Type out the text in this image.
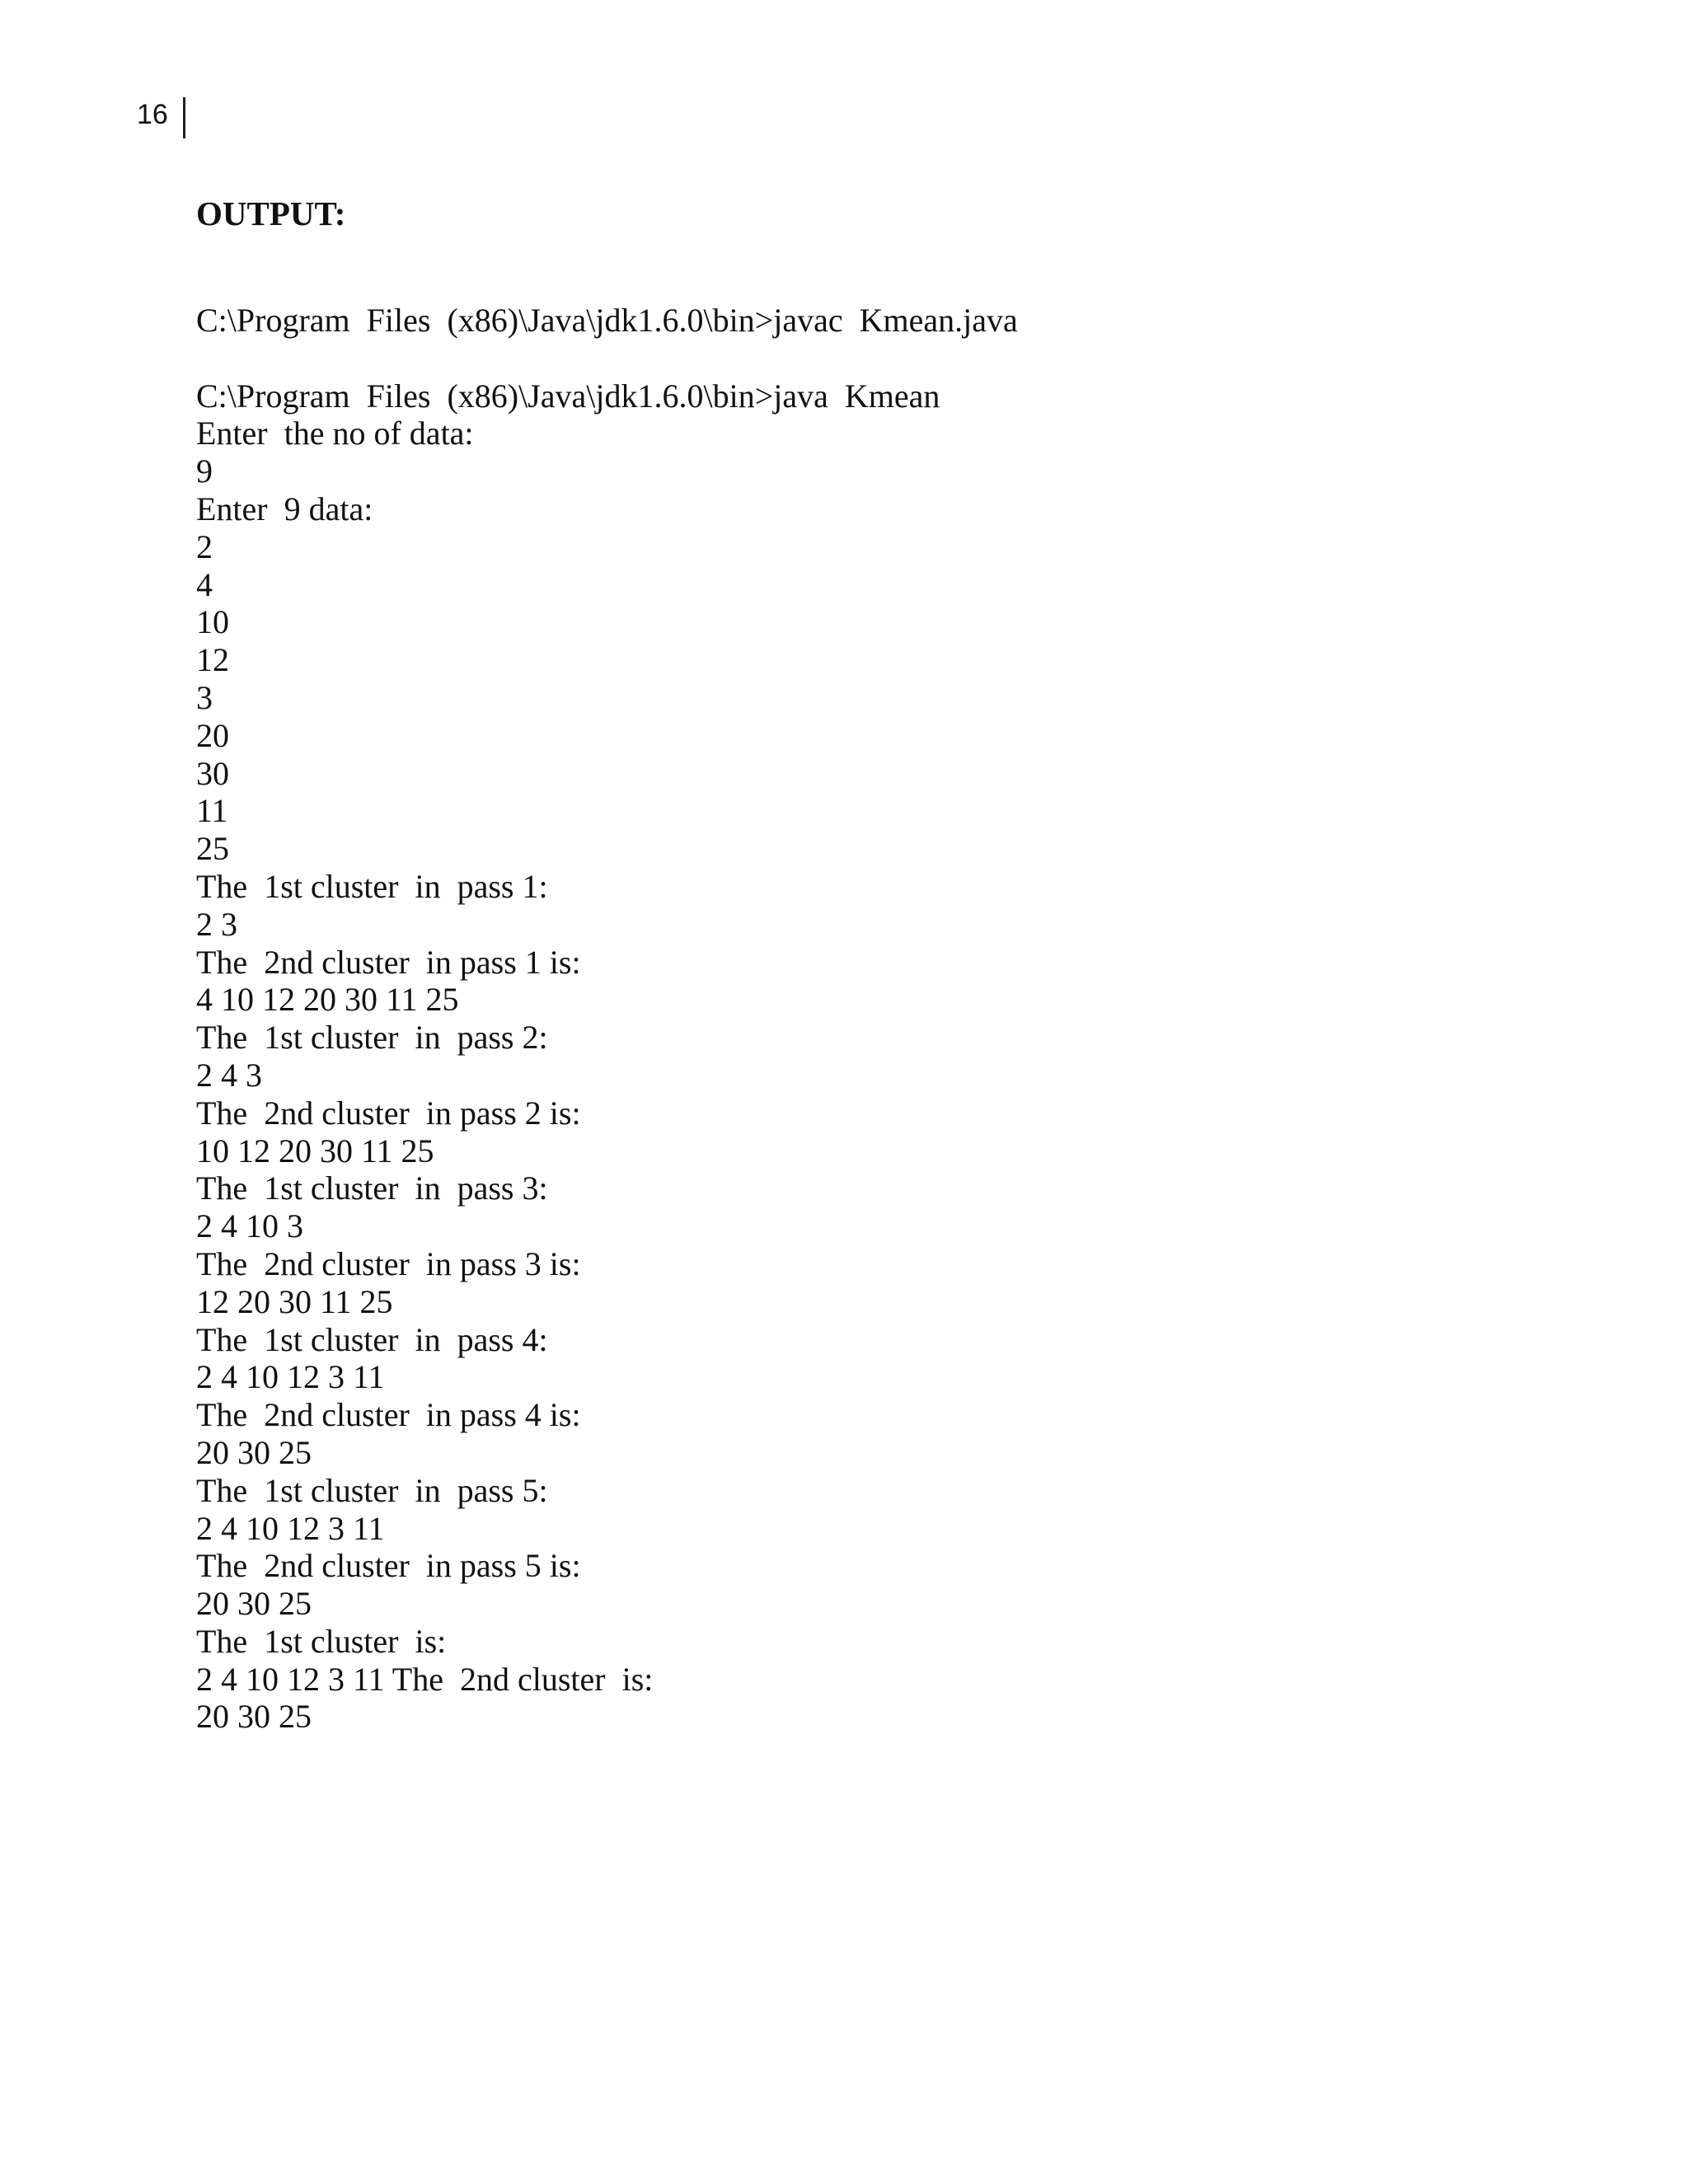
16
OUTPUT:
C:\Program  Files  (x86)\Java\jdk1.6.0\bin>javac  Kmean.java
C:\Program  Files  (x86)\Java\jdk1.6.0\bin>java  Kmean
Enter  the no of data:
9
Enter  9 data:
2
4
10
12
3
20
30
11
25
The  1st cluster  in  pass 1:
2 3
The  2nd cluster  in pass 1 is:
4 10 12 20 30 11 25
The  1st cluster  in  pass 2:
2 4 3
The  2nd cluster  in pass 2 is:
10 12 20 30 11 25
The  1st cluster  in  pass 3:
2 4 10 3
The  2nd cluster  in pass 3 is:
12 20 30 11 25
The  1st cluster  in  pass 4:
2 4 10 12 3 11
The  2nd cluster  in pass 4 is:
20 30 25
The  1st cluster  in  pass 5:
2 4 10 12 3 11
The  2nd cluster  in pass 5 is:
20 30 25
The  1st cluster  is:
2 4 10 12 3 11 The  2nd cluster  is:
20 30 25
